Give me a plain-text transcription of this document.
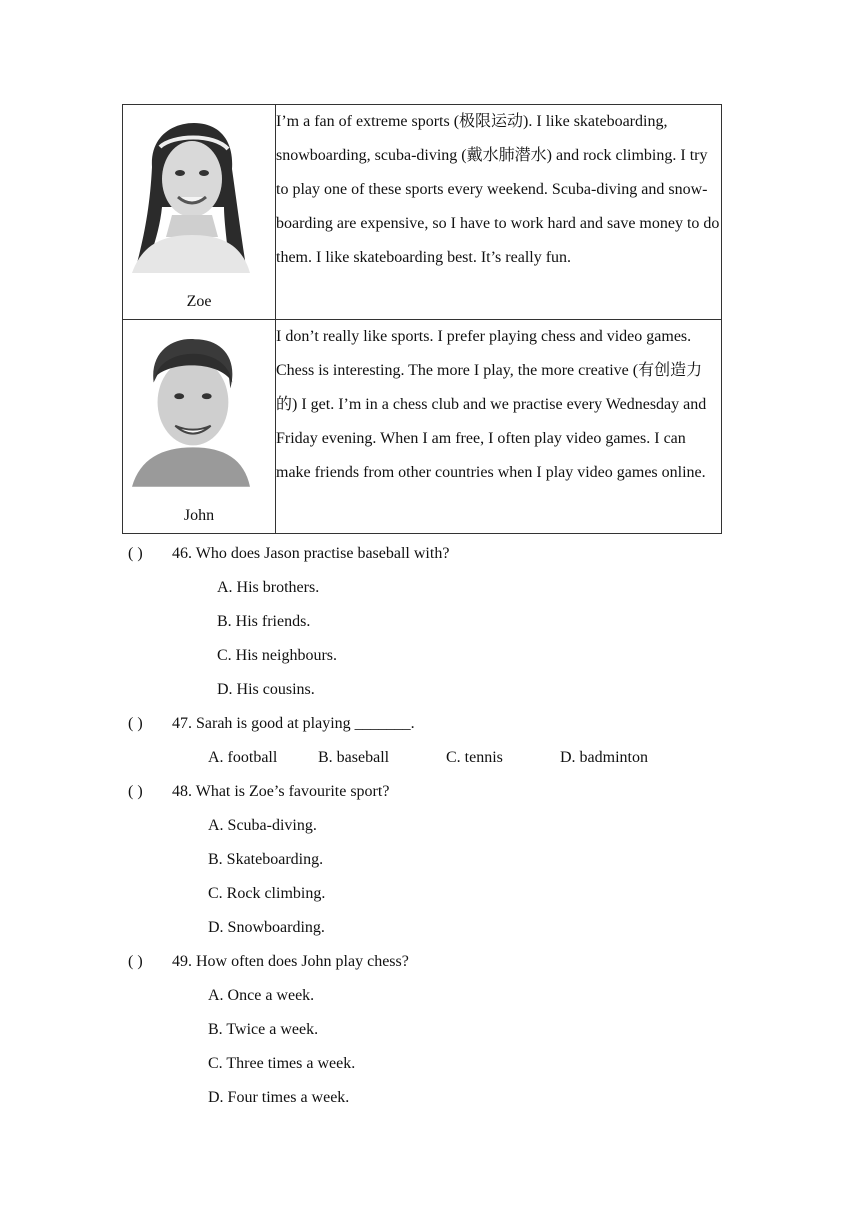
Zoe	I’m a fan of extreme sports (极限运动). I like skateboarding, snowboarding, scuba-diving (戴水肺潜水) and rock climbing. I try to play one of these sports every weekend. Scuba-diving and snow-boarding are expensive, so I have to work hard and save money to do them. I like skateboarding best. It’s really fun.

John	I don’t really like sports. I prefer playing chess and video games. Chess is interesting. The more I play, the more creative (有创造力的) I get. I’m in a chess club and we practise every Wednesday and Friday evening. When I am free, I often play video games. I can make friends from other countries when I play video games online.
( ) 46. Who does Jason practise baseball with?
A. His brothers.
B. His friends.
C. His neighbours.
D. His cousins.
( ) 47. Sarah is good at playing _______.
A. football	B. baseball	C. tennis	D. badminton
( ) 48. What is Zoe’s favourite sport?
A. Scuba-diving.
B. Skateboarding.
C. Rock climbing.
D. Snowboarding.
( ) 49. How often does John play chess?
A. Once a week.
B. Twice a week.
C. Three times a week.
D. Four times a week.
